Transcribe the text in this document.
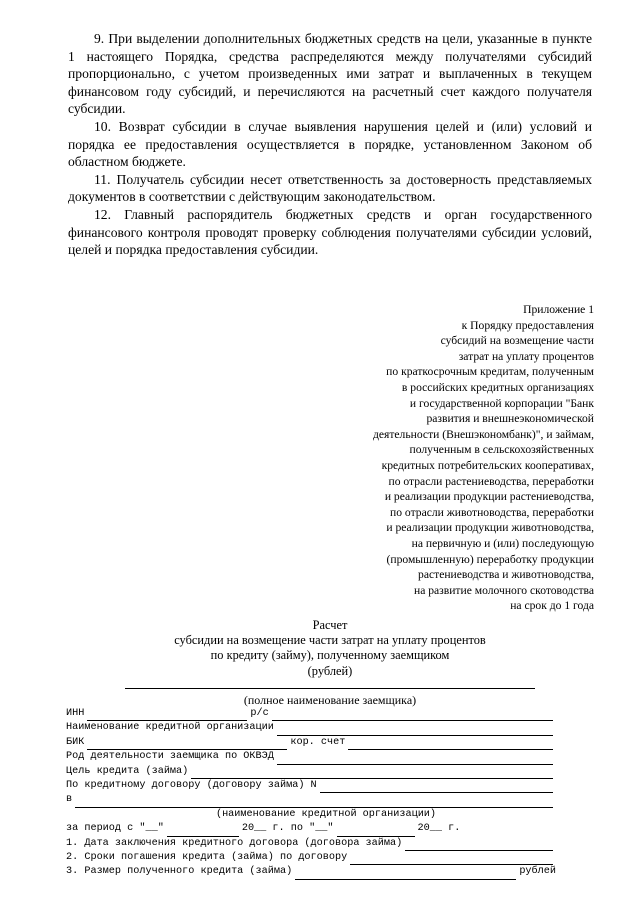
9. При выделении дополнительных бюджетных средств на цели, указанные в пункте 1 настоящего Порядка, средства распределяются между получателями субсидий пропорционально, с учетом произведенных ими затрат и выплаченных в текущем финансовом году субсидий, и перечисляются на расчетный счет каждого получателя субсидии.

10. Возврат субсидии в случае выявления нарушения целей и (или) условий и порядка ее предоставления осуществляется в порядке, установленном Законом об областном бюджете.

11. Получатель субсидии несет ответственность за достоверность представляемых документов в соответствии с действующим законодательством.

12. Главный распорядитель бюджетных средств и орган государственного финансового контроля проводят проверку соблюдения получателями субсидии условий, целей и порядка предоставления субсидии.

Приложение 1
к Порядку предоставления
субсидий на возмещение части
затрат на уплату процентов
по краткосрочным кредитам, полученным
в российских кредитных организациях
и государственной корпорации "Банк
развития и внешнеэкономической
деятельности (Внешэкономбанк)", и займам,
полученным в сельскохозяйственных
кредитных потребительских кооперативах,
по отрасли растениеводства, переработки
и реализации продукции растениеводства,
по отрасли животноводства, переработки
и реализации продукции животноводства,
на первичную и (или) последующую
(промышленную) переработку продукции
растениеводства и животноводства,
на развитие молочного скотоводства
на срок до 1 года
Расчет
субсидии на возмещение части затрат на уплату процентов
по кредиту (займу), полученному заемщиком
(рублей)
(полное наименование заемщика)
ИНН	р/с
Наименование кредитной организации
БИК	кор. счет
Род деятельности заемщика по ОКВЭД
Цель кредита (займа)
По кредитному договору (договору займа) N
в
(наименование кредитной организации)
за период с "__"	20__ г. по "__"	20__ г.
1. Дата заключения кредитного договора (договора займа)
2. Сроки погашения кредита (займа) по договору
3. Размер полученного кредита (займа)	рублей
